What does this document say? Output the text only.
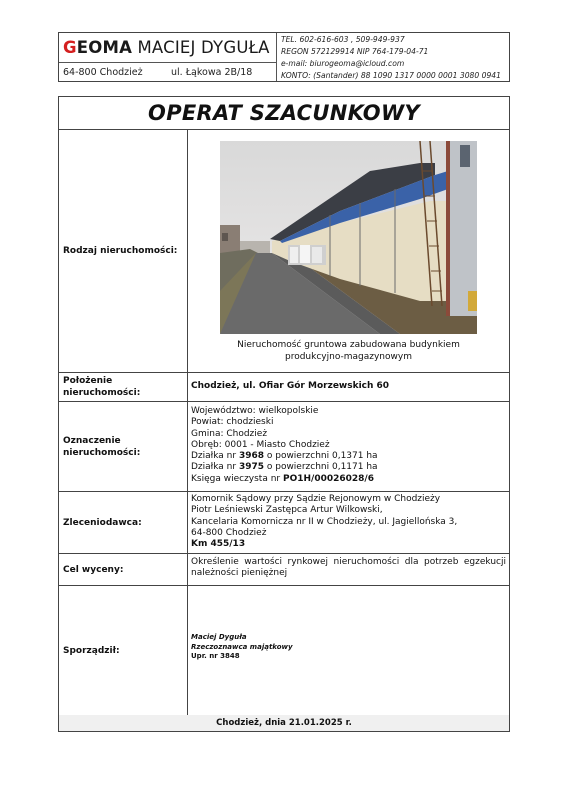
GEOMA MACIEJ DYGUŁA
64-800 Chodzież	ul. Łąkowa 2B/18
TEL. 602-616-603 , 509-949-937
REGON 572129914 NIP 764-179-04-71
e-mail: biurogeoma@icloud.com
KONTO: (Santander) 88 1090 1317 0000 0001 3080 0941
OPERAT SZACUNKOWY
Rodzaj nieruchomości:
Nieruchomość gruntowa zabudowana budynkiem
produkcyjno-magazynowym
Położenie nieruchomości:
Chodzież, ul. Ofiar Gór Morzewskich 60
Oznaczenie
nieruchomości:
Województwo: wielkopolskie
Powiat: chodzieski
Gmina: Chodzież
Obręb: 0001 - Miasto Chodzież
Działka nr 3968 o powierzchni 0,1371 ha
Działka nr 3975 o powierzchni 0,1171 ha
Księga wieczysta nr PO1H/00026028/6
Zleceniodawca:
Komornik Sądowy przy Sądzie Rejonowym w Chodzieży
Piotr Leśniewski Zastępca Artur Wilkowski,
Kancelaria Komornicza nr II w Chodzieży, ul. Jagiellońska 3,
64-800 Chodzież
Km 455/13
Cel wyceny:
Określenie wartości rynkowej nieruchomości dla potrzeb egzekucji należności pieniężnej
Sporządził:
Maciej Dyguła
Rzeczoznawca majątkowy
Upr. nr 3848
Chodzież, dnia 21.01.2025 r.
